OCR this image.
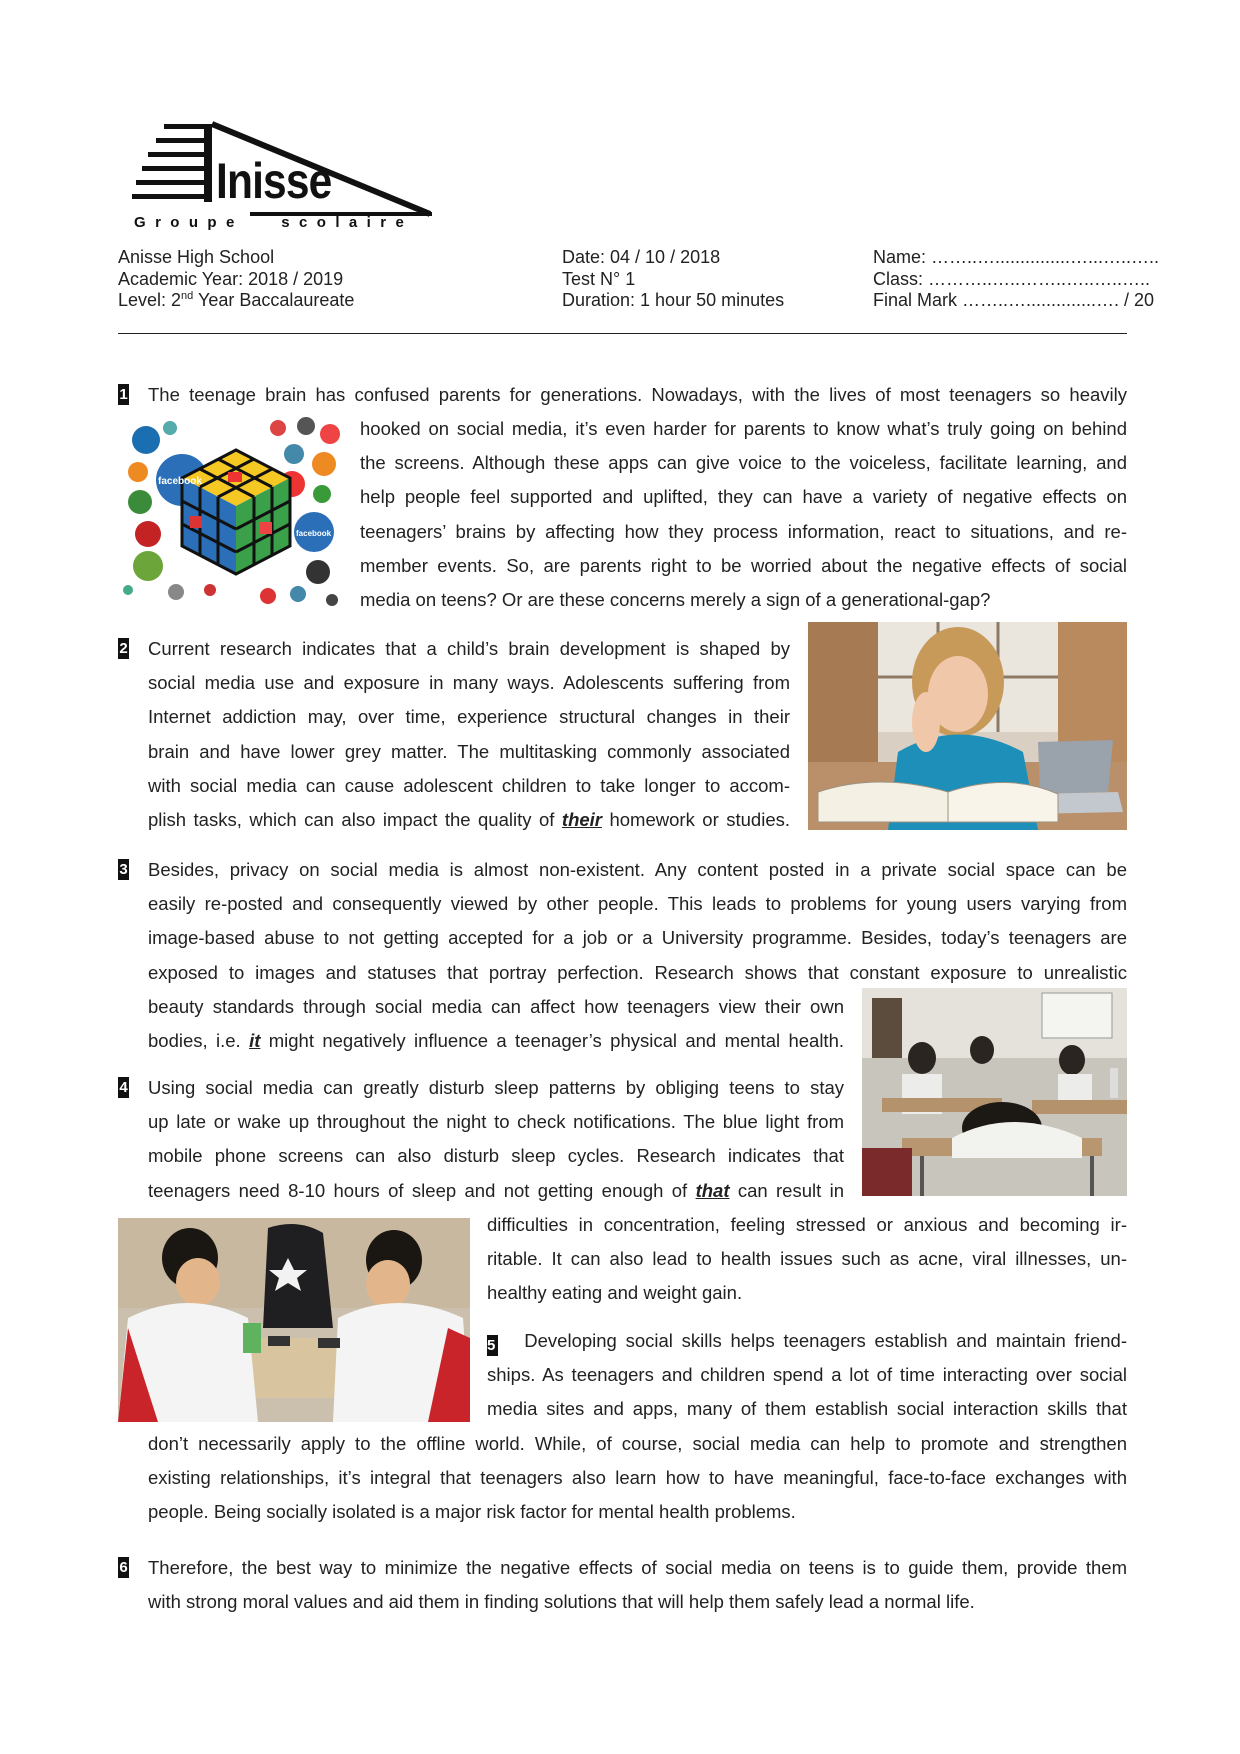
Inisse
Groupe scolaire
Anisse High School
Academic Year: 2018 / 2019
Level: 2nd Year Baccalaureate
Date: 04 / 10 / 2018
Test N° 1
Duration: 1 hour 50 minutes
Name: ……..…...............…...…..…..
Class: ………..…..……..…..…..…..
Final Mark ……..…..............…. / 20
1 The teenage brain has confused parents for generations. Nowadays, with the lives of most teenagers so heavily
hooked on social media, it’s even harder for parents to know what’s truly going on behind
the screens. Although these apps can give voice to the voiceless, facilitate learning, and
help people feel supported and uplifted, they can have a variety of negative effects on
teenagers’ brains by affecting how they process information, react to situations, and re-
member events. So, are parents right to be worried about the negative effects of social
media on teens? Or are these concerns merely a sign of a generational-gap?
Linked
facebook
facebook
2 Current research indicates that a child’s brain development is shaped by
social media use and exposure in many ways. Adolescents suffering from
Internet addiction may, over time, experience structural changes in their
brain and have lower grey matter. The multitasking commonly associated
with social media can cause adolescent children to take longer to accom-
plish tasks, which can also impact the quality of their homework or studies.
3 Besides, privacy on social media is almost non-existent. Any content posted in a private social space can be
easily re-posted and consequently viewed by other people. This leads to problems for young users varying from
image-based abuse to not getting accepted for a job or a University programme. Besides, today’s teenagers are
exposed to images and statuses that portray perfection. Research shows that constant exposure to unrealistic
beauty standards through social media can affect how teenagers view their own
bodies, i.e. it might negatively influence a teenager’s physical and mental health.
4 Using social media can greatly disturb sleep patterns by obliging teens to stay
up late or wake up throughout the night to check notifications. The blue light from
mobile phone screens can also disturb sleep cycles. Research indicates that
teenagers need 8-10 hours of sleep and not getting enough of that can result in
difficulties in concentration, feeling stressed or anxious and becoming ir-
ritable. It can also lead to health issues such as acne, viral illnesses, un-
healthy eating and weight gain.
5 Developing social skills helps teenagers establish and maintain friend-
ships. As teenagers and children spend a lot of time interacting over social
media sites and apps, many of them establish social interaction skills that
don’t necessarily apply to the offline world. While, of course, social media can help to promote and strengthen
existing relationships, it’s integral that teenagers also learn how to have meaningful, face-to-face exchanges with
people. Being socially isolated is a major risk factor for mental health problems.
6 Therefore, the best way to minimize the negative effects of social media on teens is to guide them, provide them
with strong moral values and aid them in finding solutions that will help them safely lead a normal life.
